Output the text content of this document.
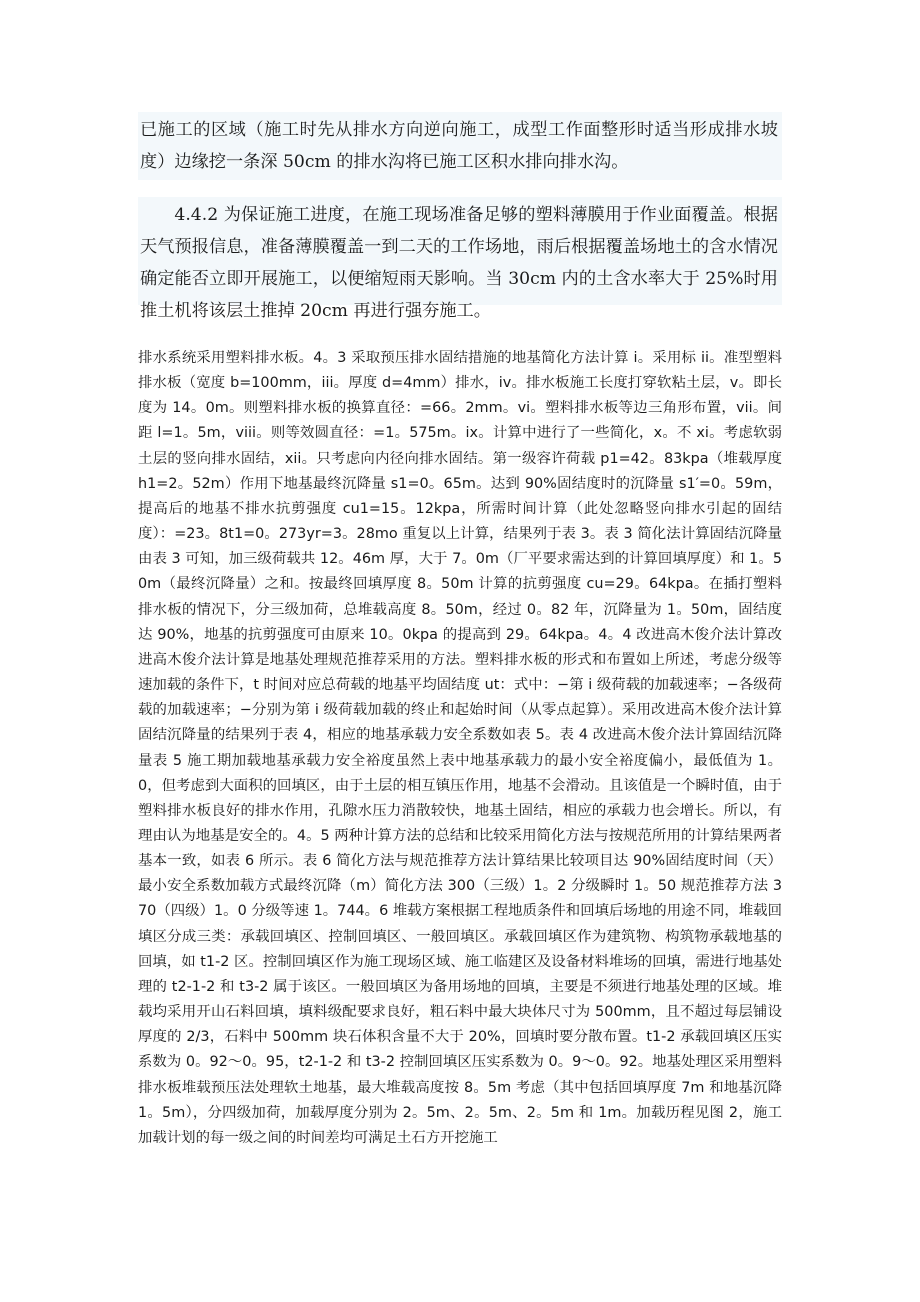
已施工的区域（施工时先从排水方向逆向施工，成型工作面整形时适当形成排水坡度）边缘挖一条深 50cm 的排水沟将已施工区积水排向排水沟。
4.4.2 为保证施工进度，在施工现场准备足够的塑料薄膜用于作业面覆盖。根据天气预报信息，准备薄膜覆盖一到二天的工作场地，雨后根据覆盖场地土的含水情况确定能否立即开展施工，以便缩短雨天影响。当 30cm 内的土含水率大于 25%时用推土机将该层土推掉 20cm 再进行强夯施工。

排水系统采用塑料排水板。4。3 采取预压排水固结措施的地基简化方法计算 i。采用标 ii。准型塑料排水板（宽度 b=100mm，iii。厚度 d=4mm）排水，iv。排水板施工长度打穿软粘土层，v。即长度为 14。0m。则塑料排水板的换算直径：=66。2mm。vi。塑料排水板等边三角形布置，vii。间距 l=1。5m，viii。则等效圆直径：=1。575m。ix。计算中进行了一些简化，x。不 xi。考虑软弱土层的竖向排水固结，xii。只考虑向内径向排水固结。第一级容许荷载 p1=42。83kpa（堆载厚度 h1=2。52m）作用下地基最终沉降量 s1=0。65m。达到 90%固结度时的沉降量 s1′=0。59m，提高后的地基不排水抗剪强度 cu1=15。12kpa，所需时间计算（此处忽略竖向排水引起的固结度）：=23。8t1=0。273yr=3。28mo 重复以上计算，结果列于表 3。表 3 简化法计算固结沉降量由表 3 可知，加三级荷载共 12。46m 厚，大于 7。0m（厂平要求需达到的计算回填厚度）和 1。50m（最终沉降量）之和。按最终回填厚度 8。50m 计算的抗剪强度 cu=29。64kpa。在插打塑料排水板的情况下，分三级加荷，总堆载高度 8。50m，经过 0。82 年，沉降量为 1。50m，固结度达 90%，地基的抗剪强度可由原来 10。0kpa 的提高到 29。64kpa。4。4 改进高木俊介法计算改进高木俊介法计算是地基处理规范推荐采用的方法。塑料排水板的形式和布置如上所述，考虑分级等速加载的条件下，t 时间对应总荷载的地基平均固结度 ut：式中：−第 i 级荷载的加载速率；−各级荷载的加载速率；−分别为第 i 级荷载加载的终止和起始时间（从零点起算）。采用改进高木俊介法计算固结沉降量的结果列于表 4，相应的地基承载力安全系数如表 5。表 4 改进高木俊介法计算固结沉降量表 5 施工期加载地基承载力安全裕度虽然上表中地基承载力的最小安全裕度偏小，最低值为 1。0，但考虑到大面积的回填区，由于土层的相互镇压作用，地基不会滑动。且该值是一个瞬时值，由于塑料排水板良好的排水作用，孔隙水压力消散较快，地基土固结，相应的承载力也会增长。所以，有理由认为地基是安全的。4。5 两种计算方法的总结和比较采用简化方法与按规范所用的计算结果两者基本一致，如表 6 所示。表 6 简化方法与规范推荐方法计算结果比较项目达 90%固结度时间（天）最小安全系数加载方式最终沉降（m）简化方法 300（三级）1。2 分级瞬时 1。50 规范推荐方法 370（四级）1。0 分级等速 1。744。6 堆载方案根据工程地质条件和回填后场地的用途不同，堆载回填区分成三类：承载回填区、控制回填区、一般回填区。承载回填区作为建筑物、构筑物承载地基的回填，如 t1-2 区。控制回填区作为施工现场区域、施工临建区及设备材料堆场的回填，需进行地基处理的 t2-1-2 和 t3-2 属于该区。一般回填区为备用场地的回填，主要是不须进行地基处理的区域。堆载均采用开山石料回填，填料级配要求良好，粗石料中最大块体尺寸为 500mm，且不超过每层铺设厚度的 2/3，石料中 500mm 块石体积含量不大于 20%，回填时要分散布置。t1-2 承载回填区压实系数为 0。92～0。95，t2-1-2 和 t3-2 控制回填区压实系数为 0。9～0。92。地基处理区采用塑料排水板堆载预压法处理软土地基，最大堆载高度按 8。5m 考虑（其中包括回填厚度 7m 和地基沉降 1。5m），分四级加荷，加载厚度分别为 2。5m、2。5m、2。5m 和 1m。加载历程见图 2，施工加载计划的每一级之间的时间差均可满足土石方开挖施工
